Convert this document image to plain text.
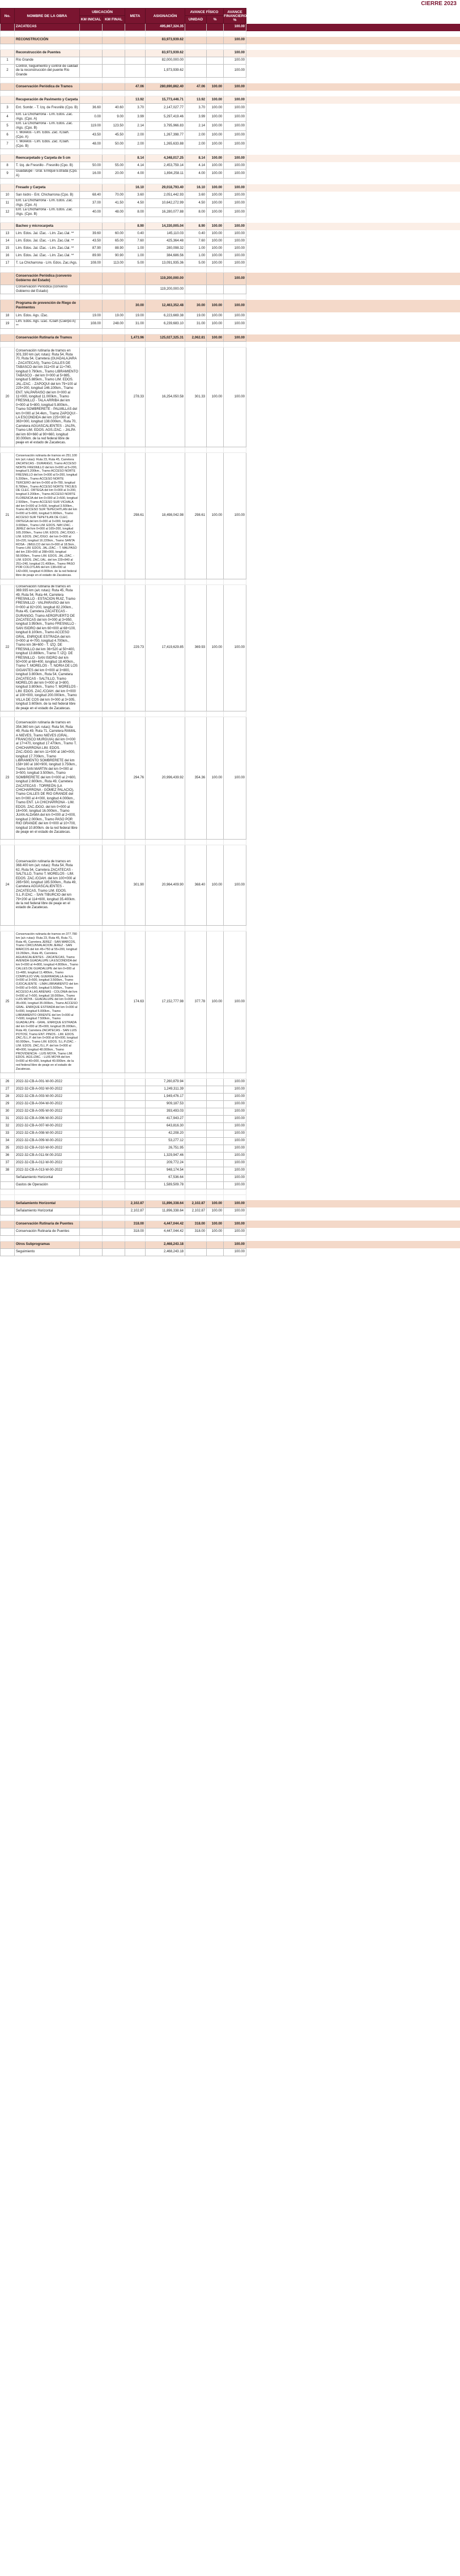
CIERRE 2023
No.	NOMBRE DE LA OBRA	UBICACIÓN		META	ASIGNACIÓN	AVANCE FÍSICO		AVANCE FINANCIERO %	
		KM INICIAL	KM FINAL			UNIDAD	%		
	ZACATECAS				495,867,324.35			100.00	

	RECONSTRUCCIÓN				83,973,939.62			100.00	

	Reconstrucción de Puentes				83,973,939.62			100.00	
1	Río Grande				82,000,000.00			100.00	
2	Control, Seguimiento y control de calidad de la reconstrucción del puente Río Grande				1,973,939.62			100.00	

	Conservación Periódica de Tramos			47.06	280,690,862.40	47.06	100.00	100.00	

	Recuperación de Pavimento y Carpeta			13.92	15,773,446.71	13.92	100.00	100.00	
3	Ent. Sombr. - T. Izq. de Fresnillo (Cpo. B)	36.60	40.60	3.70	2,147,027.77	3.70	100.00	100.00	
4	Ent. La Chicharrona - Lím. Edos. Zac. /Ags. (Cpo. A)	0.00	9.00	3.99	5,297,419.46	3.99	100.00	100.00	
5	Ent. La Chicharrona - Lím. Edos. Zac. /Ags. (Cpo. B)	119.00	123.50	2.14	3,795,966.83	2.14	100.00	100.00	
6	T. Morelos - Lím. Edos. Zac. /Coah. (Cpo. A)	43.50	45.50	2.00	1,267,398.77	2.00	100.00	100.00	
7	T. Morelos - Lím. Edos. Zac. /Coah. (Cpo. B)	48.00	50.00	2.00	1,265,633.88	2.00	100.00	100.00	

	Reencarpetado y Carpeta de 5 cm			8.14	4,348,017.25	8.14	100.00	100.00	
8	T. Izq. de Fresnillo - Fresnillo (Cpo. B)	50.00	55.00	4.14	2,453,759.14	4.14	100.00	100.00	
9	Guadalupe - Gral. Enrique Estrada (Cpo. A)	16.00	20.00	4.00	1,894,258.11	4.00	100.00	100.00	

	Fresado y Carpeta			16.10	29,018,793.40	16.10	100.00	100.00	
10	San Isidro - Ent. Chicharrona (Cpo. B)	68.40	70.00	3.60	2,051,442.93	3.60	100.00	100.00	
11	Ent. La Chicharrona - Lím. Edos. Zac. /Ags. (Cpo. A)	37.00	41.50	4.50	10,642,272.99	4.50	100.00	100.00	
12	Ent. La Chicharrona - Lím. Edos. Zac. /Ags. (Cpo. B)	40.00	48.00	8.00	16,280,077.88	8.00	100.00	100.00	

	Bacheo y microcarpeta			8.90	14,330,005.04	8.90	100.00	100.00	
13	Lím. Edos. Jal. /Zac. - Lím. Zac./Jal. **	39.60	60.00	0.40	145,110.03	0.40	100.00	100.00	
14	Lím. Edos. Jal. /Zac. - Lím. Zac./Jal. **	43.50	65.00	7.60	425,364.48	7.60	100.00	100.00	
15	Lím. Edos. Jal. /Zac. - Lím. Zac./Jal. **	87.90	88.90	1.00	280,098.32	1.00	100.00	100.00	
16	Lím. Edos. Jal. /Zac. - Lím. Zac./Jal. **	89.90	90.90	1.00	384,686.56	1.00	100.00	100.00	
17	T. La Chicharrona - Lím. Edos. Zac./Ags.	108.00	113.00	5.00	13,091,935.36	5.00	100.00	100.00	

	Conservación Periódica (convenio Gobierno del Estado)				119,200,000.00			100.00	
	Conservación Periódica (convenio Gobierno del Estado)				119,200,000.00				

	Programa de prevención de Riego de Pavimentos			30.00	12,463,352.48	30.00	100.00	100.00	
18	Lím. Edos. Ags. /Zac.	19.00	19.00	19.00	6,223,669.38	19.00	100.00	100.00	
19	Lím. Edos. Ags. /Zac. /Coah (Cuerpo A) **	108.00	248.00	31.00	6,239,683.10	31.00	100.00	100.00	

	Conservación Rutinaria de Tramos			1,473.96	125,027,325.31	2,062.81	100.00	100.00	

20	Conservación rutinaria de tramos en 301.330 km (a/c rutas): Ruta 54, Ruta 70, Ruta 54, Carretera (GUADALAJARA - ZACATECAS), Tramo CALLES DE TABASCO del km 311+00 al 11+740, longitud 0.790km., Tramo LIBRAMIENTO TABASCO - del km 0+000 al 5+885, longitud 5.885km., Tramo LIM. EDOS. JAL./ZAC. - ZAPOQUI del km 79+100 al 225+200, longitud 146.100km., Tramo ENT. VALPARAISO del km 0+000 al 11+000, longitud 11.000km., Tramo FRESNILLO - TALA ARRIBA del km 0+000 al 5+800, longitud 5.800km., Tramo SOMBRERETE - PALMILLAS del km 0+000 al 34.4km., Tramo ZAPOQUI - LA ESCONDIDA del km 225+000 al 363+000, longitud 138.000km., Ruta 70, Carretera AGUASCALIENTES - JALPA, Tramo LIM. EDOS. AGS./ZAC. - JALPA del km 60+660 al 90+660, longitud 30.000km. de la red federal libre de peaje en el estado de Zacatecas.			278.33	16,254,050.58	301.33	100.00	100.00	

21	Conservación rutinaria de tramos en 251.100 km (a/c rutas): Ruta 23, Ruta 45, Carretera ZACATECAS - DURANGO, Tramo ACCESO NORTE FRESNILLO del km 0+000 al 5+200, longitud 5.200km., Tramo ACCESO NORTE FRESNILLO del km 0+000 al 5+200, longitud 5.200km., Tramo ACCESO NORTE TERCERO del km 0+000 al 8+780, longitud 8.780km., Tramo ACCESO NORTE TROJES DE CLEC. ORTEGA del km 0+000 al 3+200, longitud 3.200km., Tramo ACCESO NORTE FLORENCIA del km 0+000 al 2+500, longitud 2.500km., Tramo ACCESO SUR VICHALA del km 0+000 al 3+500, longitud 3.500km., Tramo ACCESO SUR TEPECHITLAN del km 0+000 al 5+900, longitud 5.900km., Tramo ACCESO SUR TEPETILAN DE CLEC. ORTEGA del km 0+000 al 3+000, longitud 3.000km., Tramo LIM. EDOS. NAY./ZAC. - JEREZ del km 0+000 al 165+200, longitud 165.200km., Tramo LIM. EDOS. ZAC./DGO. - LIM. EDOS. ZAC./DGO. del km 0+000 al 16+220, longitud 16.220km., Tramo SANTA ROSA - JIMULCO del km 0+000 al 18.5km., Tramo LIM. EDOS. JAL./ZAC. - T. MALPASO del km 230+000 al 288+000, longitud 58.000km., Tramo LIM. EDOS. JAL./ZAC. - LIM. EDOS. ZAC./JAL. del km 229+840 al 251+240, longitud 21.400km., Tramo PASO POR COLOTLAN del km 138+000 al 142+000, longitud 4.000km. de la red federal libre de peaje en el estado de Zacatecas.			298.61	18,498,042.98	298.61	100.00	100.00	

22	Conservación rutinaria de tramos en 369.935 km (a/c rutas): Ruta 45, Ruta 49, Ruta 54, Ruta 44, Carretera FRESNILLO - ESTACION RUIZ, Tramo FRESNILLO - VALPARAISO del km 0+000 al 82+200, longitud 82.200km., Ruta 45, Carretera ZACATECAS - DURANGO, Tramo AEROPUERTO DE ZACATECAS del km 0+000 al 3+950, longitud 3.950km., Tramo FRESNILLO - SAN ISIDRO del km 60+000 al 68+100, longitud 8.100km., Tramo ACCESO GRAL. ENRIQUE ESTRADA del km 0+000 al 4+700, longitud 4.700km., Tramo km 36+600 - T. IZQ. DE FRESNILLO del km 36+520 al 50+400, longitud 13.880km., Tramo T. IZQ. DE FRESNILLO - SAN ISIDRO del km 50+000 al 68+400, longitud 18.400km., Tramo T. MORELOS - T. NORIA DE LOS GIGANTES del km 0+000 al 3+800, longitud 3.800km., Ruta 54, Carretera ZACATECAS - SALTILLO, Tramo MORELOS del km 0+000 al 3+800, longitud 3.800km., Tramo T. MORELOS - LIM. EDOS. ZAC./COAH. del km 0+000 al 100+000, longitud 200.000km., Tramo VILLA DE COS del km 0+000 al 3+305, longitud 3.605km. de la red federal libre de peaje en el estado de Zacatecas.			229.73	17,419,629.85	369.93	100.00	100.00	

23	Conservación rutinaria de tramos en 354.360 km (a/c rutas): Ruta 54, Ruta 49, Ruta 49, Ruta 71, Carretera RAMAL A NIEVES, Tramo NIEVES (GRAL. FRANCISCO MURGUIA) del km 0+000 al 17+470, longitud 17.470km., Tramo T. CHICHARRONA LIM. EDOS. ZAC./DGO. del km 11+500 al 160+000, longitud 17.700km., Tramo LIBRAMIENTO SOMBRERETE del km 158+160 al 160+900, longitud 3.750km., Tramo SAN MARTIN del km 0+000 al 3+500, longitud 3.500km., Tramo SOMBRERETE del km 0+000 al 2+600, longitud 2.600km., Ruta 49, Carretera ZACATECAS - TORREÓN (LA CHICHARRONA - GÓMEZ PALACIO), Tramo CALLES DE RIO GRANDE del km 0+000 al 4+000, longitud 4.000km., Tramo ENT. LA CHICHARRONA - LIM. EDOS. ZAC./DGO. del km 0+000 al 16+000, longitud 16.000km., Tramo JUAN ALDAMA del km 0+000 al 2+000, longitud 2.000km., Tramo PASO POR RIO GRANDE del km 0+000 al 10+700, longitud 10.800km. de la red federal libre de peaje en el estado de Zacatecas.			294.76	20,996,439.92	354.36	100.00	100.00	

24	Conservación rutinaria de tramos en 368.400 km (a/c rutas): Ruta 54, Ruta 62, Ruta 54, Carretera ZACATECAS - SALTILLO, Tramo T. MORELOS - LIM. EDOS. ZAC./COAH. del km 100+000 al 285+500, longitud 185.500km., Ruta 49, Carretera AGUASCALIENTES - ZACATECAS, Tramo LIM. EDOS. S.L.P./ZAC. - SAN TIBURCIO del km 79+200 al 114+600, longitud 35.400km. de la red federal libre de peaje en el estado de Zacatecas.			301.90	20,964,409.90	368.40	100.00	100.00	

25	Conservación rutinaria de tramos en 377.780 km (a/c rutas): Ruta 23, Ruta 45, Ruta 71, Ruta 45, Carretera JEREZ - SAN MARCOS, Tramo CIRCUNVALACION JEREZ - SAN MARCOS del km 45+750 al 55+200, longitud 19.260km., Ruta 45, Carretera AGUASCALIENTES - ZACATECAS, Tramo AVENIDA GUADALUPE LA ESCONDIDA del km 0+000 al 4+800, longitud 4.800km., Tramo CALLES DE GUADALUPE del km 0+000 al 11+480, longitud 11.480km., Tramo COMPLEJO VIAL GUERRADALLA del km 0+000 al 3+500, longitud 3.500km., Tramo OJOCALIENTE - LIMA LIBRAMIENTO del km 0+000 al 5+500, longitud 5.500km., Tramo ACCESO A LAS ARENAS - COLONIA del km 0+000 al 7+500, longitud 18.000km., Tramo LUIS MOYA - GUADALUPE del km 0+000 al 35+000, longitud 35.000km., Tramo ACCESO GRAL. ENRIQUE ESTRADA del km 0+000 al 5+000, longitud 5.000km., Tramo LIBRAMIENTO ORIENTE del km 0+000 al 7+500, longitud 7.500km., Tramo GUADALUPE - GRAL. ENRIQUE ESTRADA del km 0+000 al 35+000, longitud 35.000km., Ruta 49, Carretera ZACATECAS - SAN LUIS POTOSÍ, Tramo ENT. PINOS - LIM. EDOS. ZAC./S.L.P. del km 0+000 al 60+000, longitud 60.000km., Tramo LIM. EDOS. S.L.P./ZAC. - LIM. EDOS. ZAC./S.L.P. del km 0+000 al 48+000, longitud 48.000km., Tramo PROVIDENCIA - LUIS MOYA, Tramo LIM. EDOS. AGS./ZAC. - LUIS MOYA del km 0+000 al 40+000, longitud 40.000km. de la red federal libre de peaje en el estado de Zacatecas.			174.63	17,152,777.98	377.78	100.00	100.00	

26	2022-32-CB-A-001-W-00-2022				7,260,879.94			100.00	
27	2022-32-CB-A-002-W-00-2022				1,249,311.39			100.00	
28	2022-32-CB-A-003-W-00-2022				1,949,476.17			100.00	
29	2022-32-CB-A-004-W-00-2022				909,187.53			100.00	
30	2022-32-CB-A-005-W-00-2022				393,493.03			100.00	
31	2022-32-CB-A-006-W-00-2022				417,943.27			100.00	
32	2022-32-CB-A-007-W-00-2022				643,816.30			100.00	
33	2022-32-CB-A-008-W-00-2022				42,208.20			100.00	
34	2022-32-CB-A-009-W-00-2022				53,277.12			100.00	
35	2022-32-CB-A-010-W-00-2022				26,751.95			100.00	
36	2022-32-CB-A-011-W-00-2022				1,329,947.46			100.00	
37	2022-32-CB-A-012-W-00-2022				209,772.24			100.00	
38	2022-32-CB-A-013-W-00-2022				948,174.54			100.00	
	Señalamiento Horizontal				67,536.64			100.00	
	Gastos de Operación				1,589,509.78			100.00	

	Señalamiento Horizontal			2,102.87	11,896,338.64	2,102.87	100.00	100.00	
	Señalamiento Horizontal			2,102.87	11,896,338.64	2,102.87	100.00	100.00	

	Conservación Rutinaria de Puentes			318.00	4,447,044.42	318.00	100.00	100.00	
	Conservación Rutinaria de Puentes			318.00	4,447,044.42	318.00	100.00	100.00	

	Otros Subprogramas				2,468,243.18			100.00	
	Seguimiento				2,468,243.18			100.00	
